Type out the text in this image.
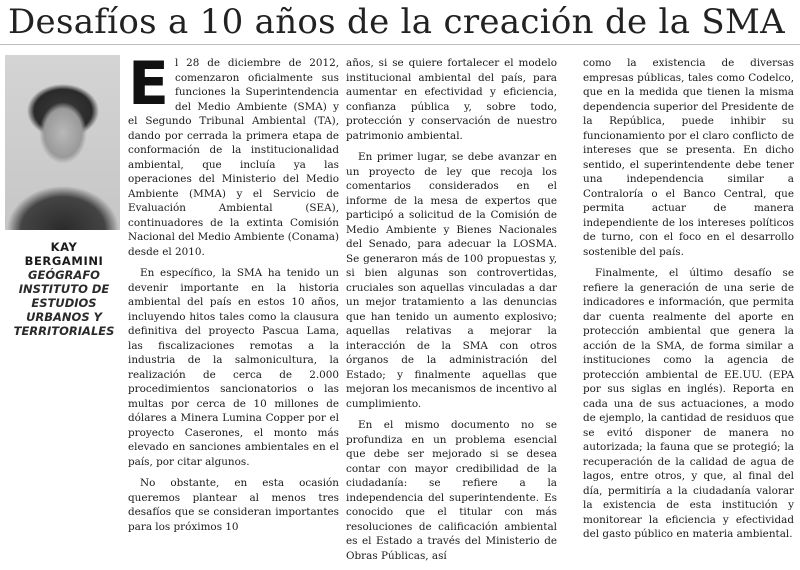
Desafíos a 10 años de la creación de la SMA
KAY
BERGAMINI
GEÓGRAFO INSTITUTO DE ESTUDIOS URBANOS Y TERRITORIALES

El 28 de diciembre de 2012, comenzaron oficialmente sus funciones la Superintendencia del Medio Ambiente (SMA) y el Segundo Tribunal Ambiental (TA), dando por cerrada la primera etapa de conformación de la institucionalidad ambiental, que incluía ya las operaciones del Ministerio del Medio Ambiente (MMA) y el Servicio de Evaluación Ambiental (SEA), continuadores de la extinta Comisión Nacional del Medio Ambiente (Conama) desde el 2010.

En específico, la SMA ha tenido un devenir importante en la historia ambiental del país en estos 10 años, incluyendo hitos tales como la clausura definitiva del proyecto Pascua Lama, las fiscalizaciones remotas a la industria de la salmonicultura, la realización de cerca de 2.000 procedimientos sancionatorios o las multas por cerca de 10 millones de dólares a Minera Lumina Copper por el proyecto Caserones, el monto más elevado en sanciones ambientales en el país, por citar algunos.

No obstante, en esta ocasión queremos plantear al menos tres desafíos que se consideran importantes para los próximos 10

años, si se quiere fortalecer el modelo institucional ambiental del país, para aumentar en efectividad y eficiencia, confianza pública y, sobre todo, protección y conservación de nuestro patrimonio ambiental.

En primer lugar, se debe avanzar en un proyecto de ley que recoja los comentarios considerados en el informe de la mesa de expertos que participó a solicitud de la Comisión de Medio Ambiente y Bienes Nacionales del Senado, para adecuar la LOSMA. Se generaron más de 100 propuestas y, si bien algunas son controvertidas, cruciales son aquellas vinculadas a dar un mejor tratamiento a las denuncias que han tenido un aumento explosivo; aquellas relativas a mejorar la interacción de la SMA con otros órganos de la administración del Estado; y finalmente aquellas que mejoran los mecanismos de incentivo al cumplimiento.

En el mismo documento no se profundiza en un problema esencial que debe ser mejorado si se desea contar con mayor credibilidad de la ciudadanía: se refiere a la independencia del superintendente. Es conocido que el titular con más resoluciones de calificación ambiental es el Estado a través del Ministerio de Obras Públicas, así

como la existencia de diversas empresas públicas, tales como Codelco, que en la medida que tienen la misma dependencia superior del Presidente de la República, puede inhibir su funcionamiento por el claro conflicto de intereses que se presenta. En dicho sentido, el superintendente debe tener una independencia similar a Contraloría o el Banco Central, que permita actuar de manera independiente de los intereses políticos de turno, con el foco en el desarrollo sostenible del país.

Finalmente, el último desafío se refiere la generación de una serie de indicadores e información, que permita dar cuenta realmente del aporte en protección ambiental que genera la acción de la SMA, de forma similar a instituciones como la agencia de protección ambiental de EE.UU. (EPA por sus siglas en inglés). Reporta en cada una de sus actuaciones, a modo de ejemplo, la cantidad de residuos que se evitó disponer de manera no autorizada; la fauna que se protegió; la recuperación de la calidad de agua de lagos, entre otros, y que, al final del día, permitiría a la ciudadanía valorar la existencia de esta institución y monitorear la eficiencia y efectividad del gasto público en materia ambiental.
